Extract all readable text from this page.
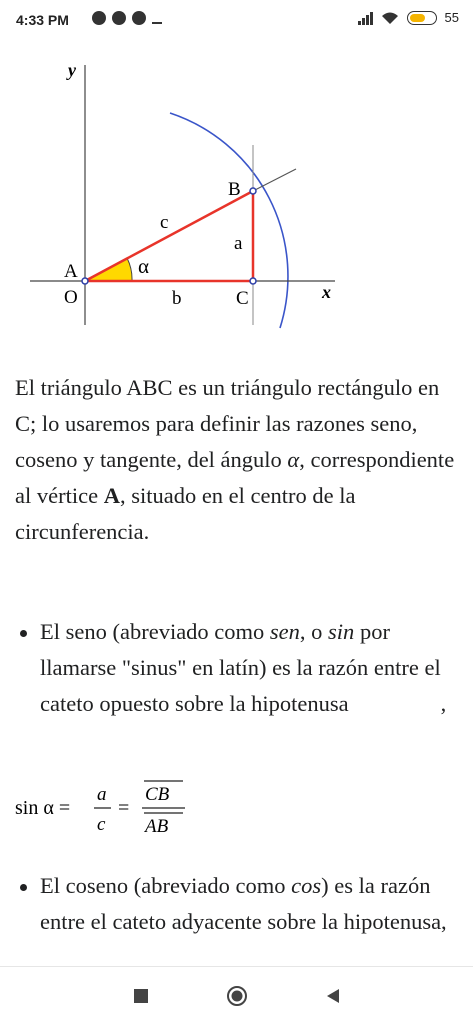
4:33 PM	55
y
x
A
O
B
C
a
b
c
α

El triángulo ABC es un triángulo rectángulo en C; lo usaremos para definir las razones seno, coseno y tangente, del ángulo α, correspondiente al vértice A, situado en el centro de la circunferencia.

El seno (abreviado como sen, o sin por llamarse "sinus" en latín) es la razón entre el cateto opuesto sobre la hipotenusa	,

sin α =
a
c
=
CB
AB

El coseno (abreviado como cos) es la razón entre el cateto adyacente sobre la hipotenusa,
